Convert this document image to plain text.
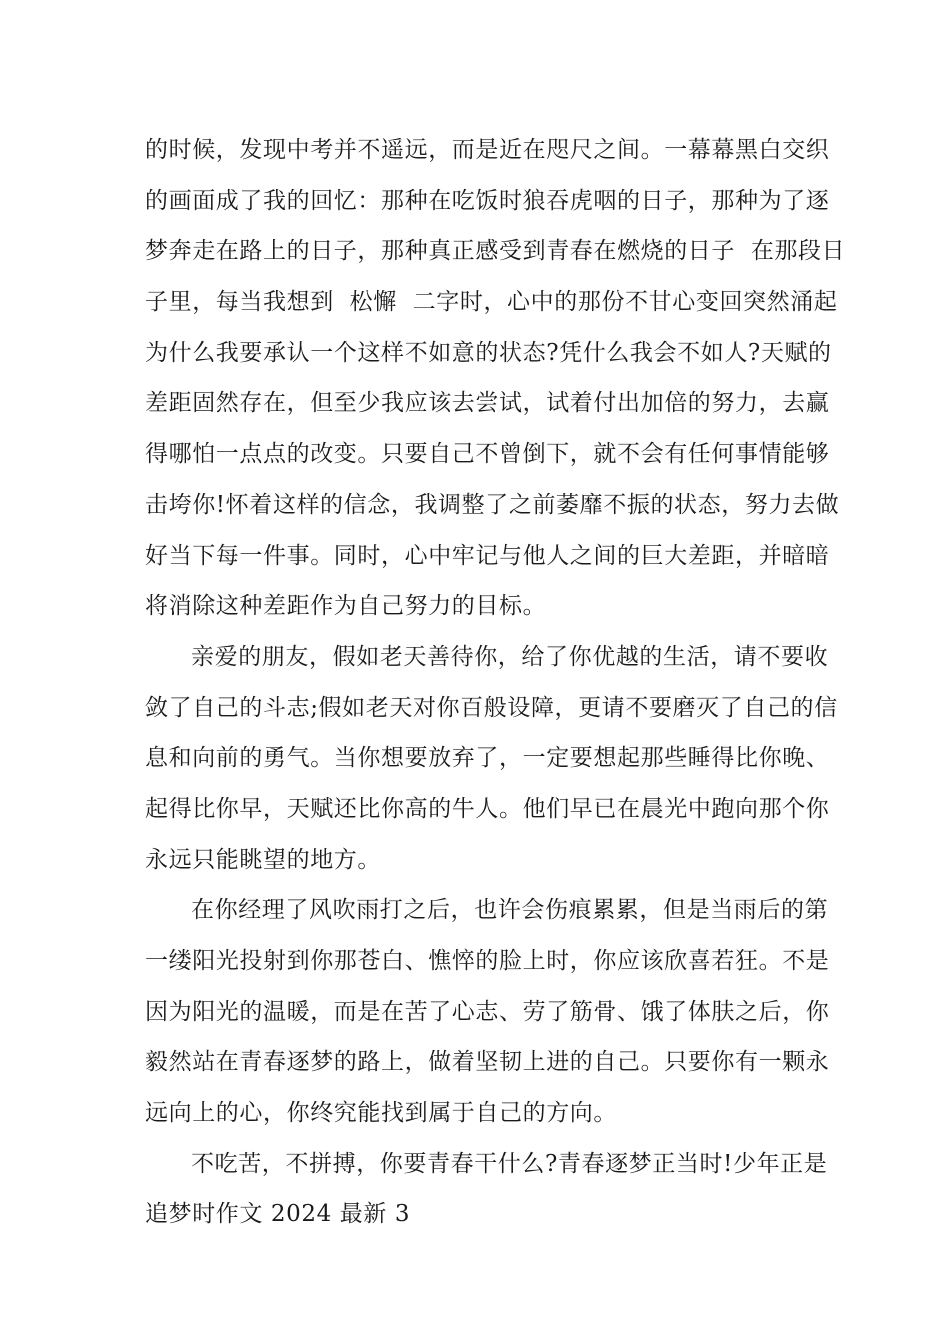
的时候，发现中考并不遥远，而是近在咫尺之间。一幕幕黑白交织
的画面成了我的回忆：那种在吃饭时狼吞虎咽的日子，那种为了逐
梦奔走在路上的日子，那种真正感受到青春在燃烧的日子  在那段日
子里，每当我想到  松懈  二字时，心中的那份不甘心变回突然涌起
为什么我要承认一个这样不如意的状态?凭什么我会不如人?天赋的
差距固然存在，但至少我应该去尝试，试着付出加倍的努力，去赢
得哪怕一点点的改变。只要自己不曾倒下，就不会有任何事情能够
击垮你!怀着这样的信念，我调整了之前萎靡不振的状态，努力去做
好当下每一件事。同时，心中牢记与他人之间的巨大差距，并暗暗
将消除这种差距作为自己努力的目标。
亲爱的朋友，假如老天善待你，给了你优越的生活，请不要收
敛了自己的斗志;假如老天对你百般设障，更请不要磨灭了自己的信
息和向前的勇气。当你想要放弃了，一定要想起那些睡得比你晚、
起得比你早，天赋还比你高的牛人。他们早已在晨光中跑向那个你
永远只能眺望的地方。
在你经理了风吹雨打之后，也许会伤痕累累，但是当雨后的第
一缕阳光投射到你那苍白、憔悴的脸上时，你应该欣喜若狂。不是
因为阳光的温暖，而是在苦了心志、劳了筋骨、饿了体肤之后，你
毅然站在青春逐梦的路上，做着坚韧上进的自己。只要你有一颗永
远向上的心，你终究能找到属于自己的方向。
不吃苦，不拼搏，你要青春干什么?青春逐梦正当时!少年正是
追梦时作文 2024 最新 3
